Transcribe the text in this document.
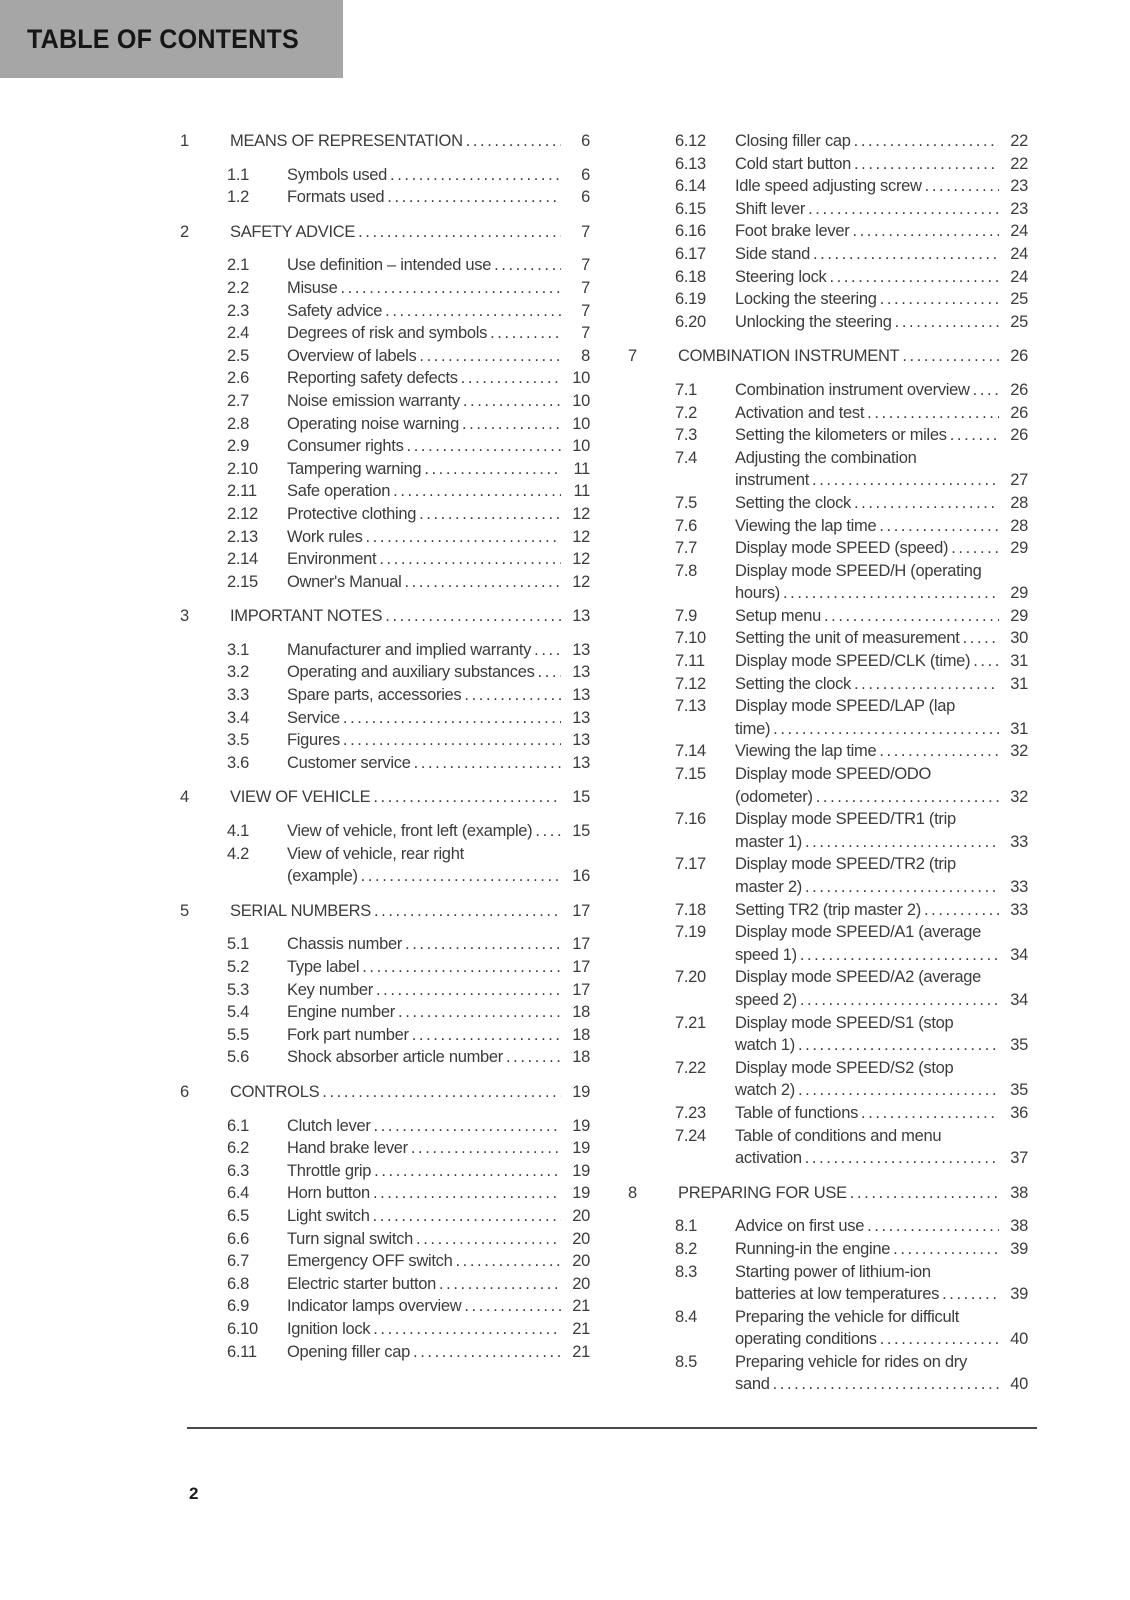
TABLE OF CONTENTS
1	MEANS OF REPRESENTATION .....	6
1.1	Symbols used .....	6
1.2	Formats used .....	6
2	SAFETY ADVICE .....	7
2.1	Use definition – intended use .....	7
2.2	Misuse .....	7
2.3	Safety advice .....	7
2.4	Degrees of risk and symbols .....	7
2.5	Overview of labels .....	8
2.6	Reporting safety defects .....	10
2.7	Noise emission warranty .....	10
2.8	Operating noise warning .....	10
2.9	Consumer rights .....	10
2.10	Tampering warning .....	11
2.11	Safe operation .....	11
2.12	Protective clothing .....	12
2.13	Work rules .....	12
2.14	Environment .....	12
2.15	Owner's Manual .....	12
3	IMPORTANT NOTES .....	13
3.1	Manufacturer and implied warranty .....	13
3.2	Operating and auxiliary substances .....	13
3.3	Spare parts, accessories .....	13
3.4	Service .....	13
3.5	Figures .....	13
3.6	Customer service .....	13
4	VIEW OF VEHICLE .....	15
4.1	View of vehicle, front left (example) .....	15
4.2	View of vehicle, rear right
(example) .....	16
5	SERIAL NUMBERS .....	17
5.1	Chassis number .....	17
5.2	Type label .....	17
5.3	Key number .....	17
5.4	Engine number .....	18
5.5	Fork part number .....	18
5.6	Shock absorber article number .....	18
6	CONTROLS .....	19
6.1	Clutch lever .....	19
6.2	Hand brake lever .....	19
6.3	Throttle grip .....	19
6.4	Horn button .....	19
6.5	Light switch .....	20
6.6	Turn signal switch .....	20
6.7	Emergency OFF switch .....	20
6.8	Electric starter button .....	20
6.9	Indicator lamps overview .....	21
6.10	Ignition lock .....	21
6.11	Opening filler cap .....	21
6.12	Closing filler cap .....	22
6.13	Cold start button .....	22
6.14	Idle speed adjusting screw .....	23
6.15	Shift lever .....	23
6.16	Foot brake lever .....	24
6.17	Side stand .....	24
6.18	Steering lock .....	24
6.19	Locking the steering .....	25
6.20	Unlocking the steering .....	25
7	COMBINATION INSTRUMENT .....	26
7.1	Combination instrument overview .....	26
7.2	Activation and test .....	26
7.3	Setting the kilometers or miles .....	26
7.4	Adjusting the combination
instrument .....	27
7.5	Setting the clock .....	28
7.6	Viewing the lap time .....	28
7.7	Display mode SPEED (speed) .....	29
7.8	Display mode SPEED/H (operating
hours) .....	29
7.9	Setup menu .....	29
7.10	Setting the unit of measurement .....	30
7.11	Display mode SPEED/CLK (time) .....	31
7.12	Setting the clock .....	31
7.13	Display mode SPEED/LAP (lap
time) .....	31
7.14	Viewing the lap time .....	32
7.15	Display mode SPEED/ODO
(odometer) .....	32
7.16	Display mode SPEED/TR1 (trip
master 1) .....	33
7.17	Display mode SPEED/TR2 (trip
master 2) .....	33
7.18	Setting TR2 (trip master 2) .....	33
7.19	Display mode SPEED/A1 (average
speed 1) .....	34
7.20	Display mode SPEED/A2 (average
speed 2) .....	34
7.21	Display mode SPEED/S1 (stop
watch 1) .....	35
7.22	Display mode SPEED/S2 (stop
watch 2) .....	35
7.23	Table of functions .....	36
7.24	Table of conditions and menu
activation .....	37
8	PREPARING FOR USE .....	38
8.1	Advice on first use .....	38
8.2	Running-in the engine .....	39
8.3	Starting power of lithium-ion
batteries at low temperatures .....	39
8.4	Preparing the vehicle for difficult
operating conditions .....	40
8.5	Preparing vehicle for rides on dry
sand .....	40
2
